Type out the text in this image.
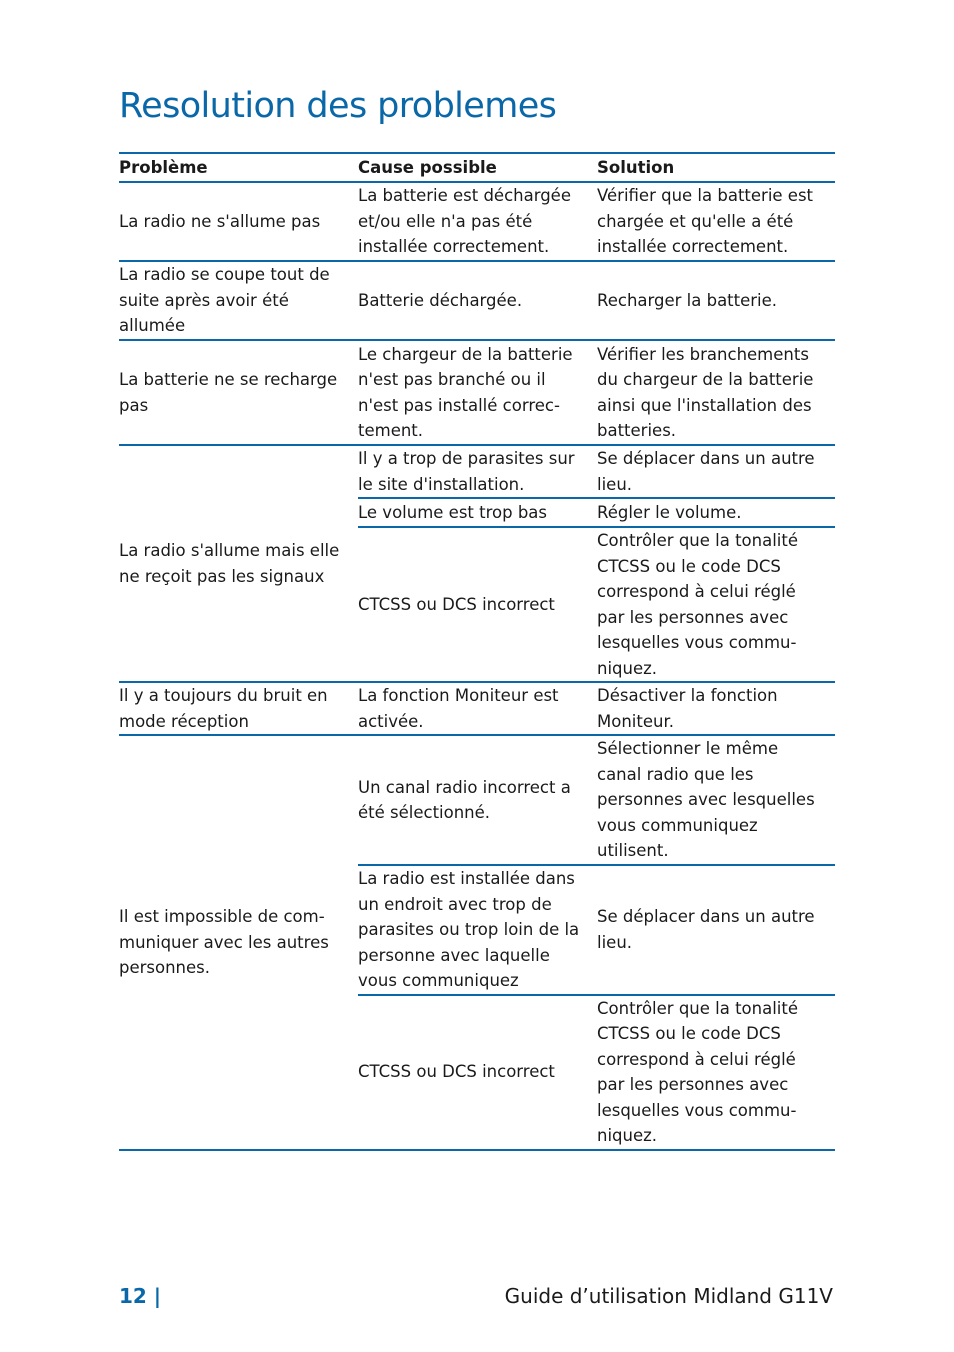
Resolution des problemes
Problème	Cause possible	Solution

La radio ne s'allume pas	La batterie est déchargée et/ou elle n'a pas été installée correctement.	Vérifier que la batterie est chargée et qu'elle a été installée correctement.

La radio se coupe tout de suite après avoir été allumée	Batterie déchargée.	Recharger la batterie.

La batterie ne se recharge pas	Le chargeur de la batterie n'est pas branché ou il n'est pas installé correc-tement.	Vérifier les branchements du chargeur de la batterie ainsi que l'installation des batteries.

La radio s'allume mais elle ne reçoit pas les signaux	Il y a trop de parasites sur le site d'installation.	Se déplacer dans un autre lieu.

	Le volume est trop bas	Régler le volume.

	CTCSS ou DCS incorrect	Contrôler que la tonalité CTCSS ou le code DCS correspond à celui réglé par les personnes avec lesquelles vous commu-niquez.

Il y a toujours du bruit en mode réception	La fonction Moniteur est activée.	Désactiver la fonction Moniteur.

Il est impossible de com-muniquer avec les autres personnes.	Un canal radio incorrect a été sélectionné.	Sélectionner le même canal radio que les personnes avec lesquelles vous communiquez utilisent.

	La radio est installée dans un endroit avec trop de parasites ou trop loin de la personne avec laquelle vous communiquez	Se déplacer dans un autre lieu.

	CTCSS ou DCS incorrect	Contrôler que la tonalité CTCSS ou le code DCS correspond à celui réglé par les personnes avec lesquelles vous commu-niquez.
12 |	Guide d’utilisation Midland G11V
